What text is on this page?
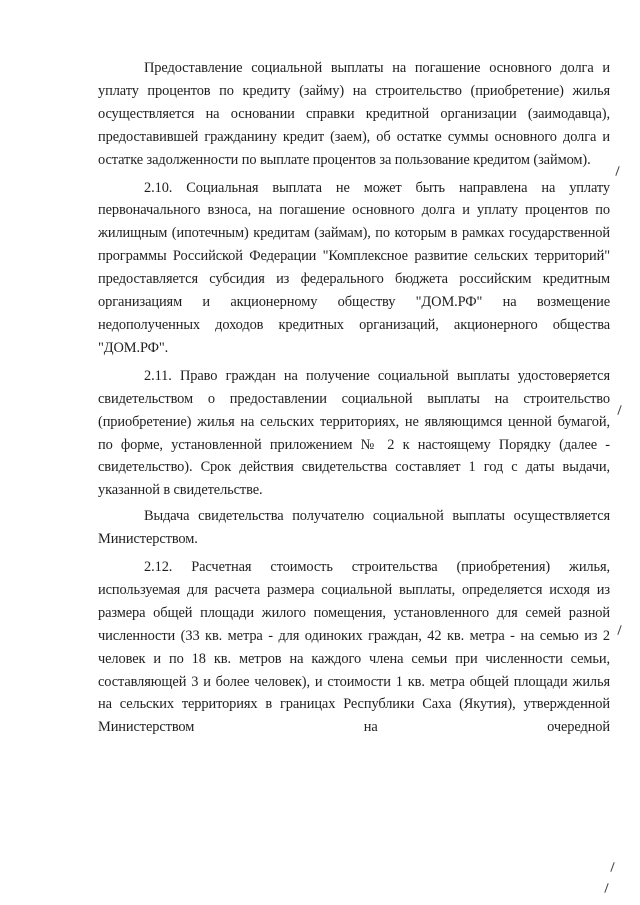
Предоставление социальной выплаты на погашение основного долга и уплату процентов по кредиту (займу) на строительство (приобретение) жилья осуществляется на основании справки кредитной организации (заимодавца), предоставившей гражданину кредит (заем), об остатке суммы основного долга и остатке задолженности по выплате процентов за пользование кредитом (займом).

2.10. Социальная выплата не может быть направлена на уплату первоначального взноса, на погашение основного долга и уплату процентов по жилищным (ипотечным) кредитам (займам), по которым в рамках государственной программы Российской Федерации "Комплексное развитие сельских территорий" предоставляется субсидия из федерального бюджета российским кредитным организациям и акционерному обществу "ДОМ.РФ" на возмещение недополученных доходов кредитных организаций, акционерного общества "ДОМ.РФ".

2.11. Право граждан на получение социальной выплаты удостоверяется свидетельством о предоставлении социальной выплаты на строительство (приобретение) жилья на сельских территориях, не являющимся ценной бумагой, по форме, установленной приложением № 2 к настоящему Порядку (далее - свидетельство). Срок действия свидетельства составляет 1 год с даты выдачи, указанной в свидетельстве.

Выдача свидетельства получателю социальной выплаты осуществляется Министерством.

2.12. Расчетная стоимость строительства (приобретения) жилья, используемая для расчета размера социальной выплаты, определяется исходя из размера общей площади жилого помещения, установленного для семей разной численности (33 кв. метра - для одиноких граждан, 42 кв. метра - на семью из 2 человек и по 18 кв. метров на каждого члена семьи при численности семьи, составляющей 3 и более человек), и стоимости 1 кв. метра общей площади жилья на сельских территориях в границах Республики Саха (Якутия), утвержденной Министерством на очередной
